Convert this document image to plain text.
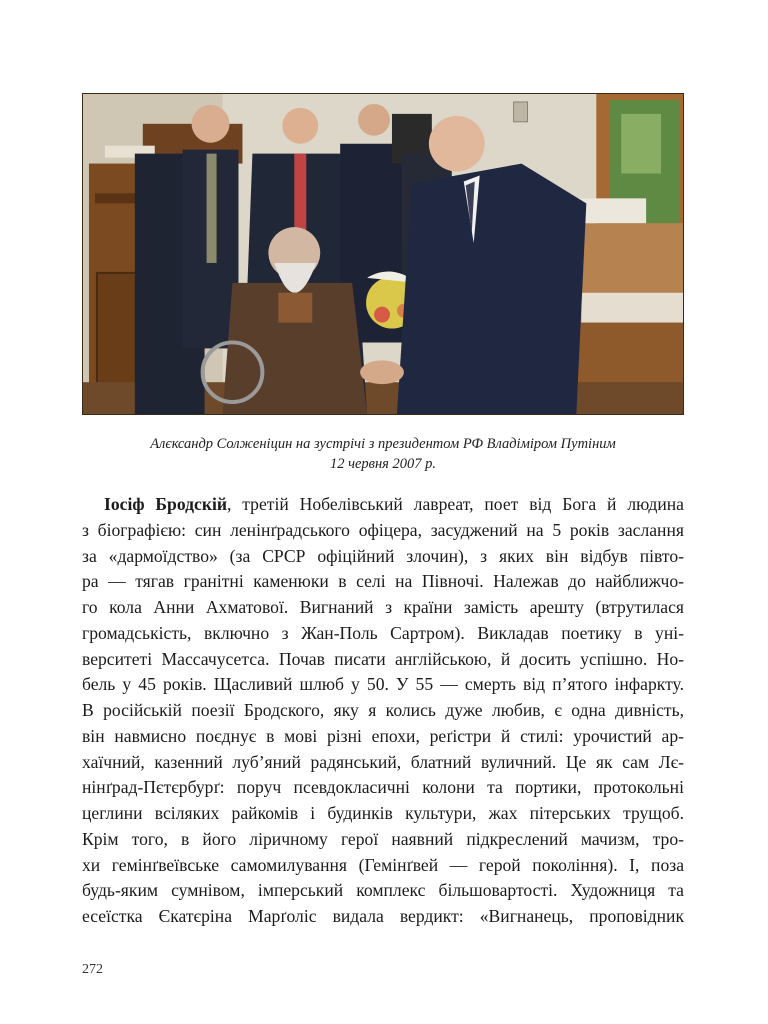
Алєксандр Солженіцин на зустрічі з президентом РФ Владіміром Путіним
12 червня 2007 р.
Іосіф Бродскій, третій Нобелівський лавреат, поет від Бога й людина
з біографією: син ленінґрадського офіцера, засуджений на 5 років заслання
за «дармоїдство» (за СРСР офіційний злочин), з яких він відбув півто-
ра — тягав гранітні каменюки в селі на Півночі. Належав до найближчо-
го кола Анни Ахматової. Вигнаний з країни замість арешту (втрутилася
громадськість, включно з Жан-Поль Сартром). Викладав поетику в уні-
верситеті Массачусетса. Почав писати англійською, й досить успішно. Но-
бель у 45 років. Щасливий шлюб у 50. У 55 — смерть від п’ятого інфаркту.
В російській поезії Бродского, яку я колись дуже любив, є одна дивність,
він навмисно поєднує в мові різні епохи, реґістри й стилі: урочистий ар-
хаїчний, казенний луб’яний радянський, блатний вуличний. Це як сам Лє-
нінґрад-Пєтєрбурґ: поруч псевдокласичні колони та портики, протокольні
цеглини всіляких райкомів і будинків культури, жах пітерських трущоб.
Крім того, в його ліричному герої наявний підкреслений мачизм, тро-
хи гемінґвеївське самомилування (Гемінґвей — герой покоління). І, поза
будь-яким сумнівом, імперський комплекс більшовартості. Художниця та
есеїстка Єкатєріна Марґоліс видала вердикт: «Вигнанець, проповідник
272
